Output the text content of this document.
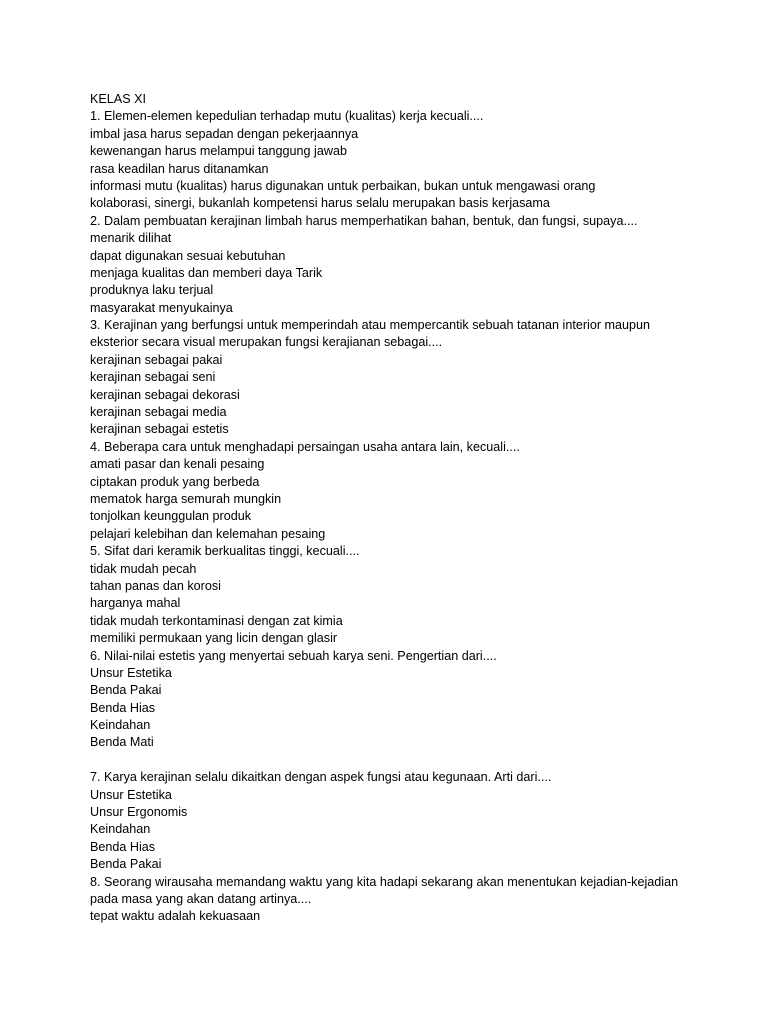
KELAS XI
1. Elemen-elemen kepedulian terhadap mutu (kualitas) kerja kecuali....
imbal jasa harus sepadan dengan pekerjaannya
kewenangan harus melampui tanggung jawab
rasa keadilan harus ditanamkan
informasi mutu (kualitas) harus digunakan untuk perbaikan, bukan untuk mengawasi orang
kolaborasi, sinergi, bukanlah kompetensi harus selalu merupakan basis kerjasama
2. Dalam pembuatan kerajinan limbah harus memperhatikan bahan, bentuk, dan fungsi, supaya....
menarik dilihat
dapat digunakan sesuai kebutuhan
menjaga kualitas dan memberi daya Tarik
produknya laku terjual
masyarakat menyukainya
3. Kerajinan yang berfungsi untuk memperindah atau mempercantik sebuah tatanan interior maupun
eksterior secara visual merupakan fungsi kerajianan sebagai....
kerajinan sebagai pakai
kerajinan sebagai seni
kerajinan sebagai dekorasi
kerajinan sebagai media
kerajinan sebagai estetis
4. Beberapa cara untuk menghadapi persaingan usaha antara lain, kecuali....
amati pasar dan kenali pesaing
ciptakan produk yang berbeda
mematok harga semurah mungkin
tonjolkan keunggulan produk
pelajari kelebihan dan kelemahan pesaing
5. Sifat dari keramik berkualitas tinggi, kecuali....
tidak mudah pecah
tahan panas dan korosi
harganya mahal
tidak mudah terkontaminasi dengan zat kimia
memiliki permukaan yang licin dengan glasir
6. Nilai-nilai estetis yang menyertai sebuah karya seni. Pengertian dari....
Unsur Estetika
Benda Pakai
Benda Hias
Keindahan
Benda Mati
7. Karya kerajinan selalu dikaitkan dengan aspek fungsi atau kegunaan. Arti dari....
Unsur Estetika
Unsur Ergonomis
Keindahan
Benda Hias
Benda Pakai
8. Seorang wirausaha memandang waktu yang kita hadapi sekarang akan menentukan kejadian-kejadian
pada masa yang akan datang artinya....
tepat waktu adalah kekuasaan
